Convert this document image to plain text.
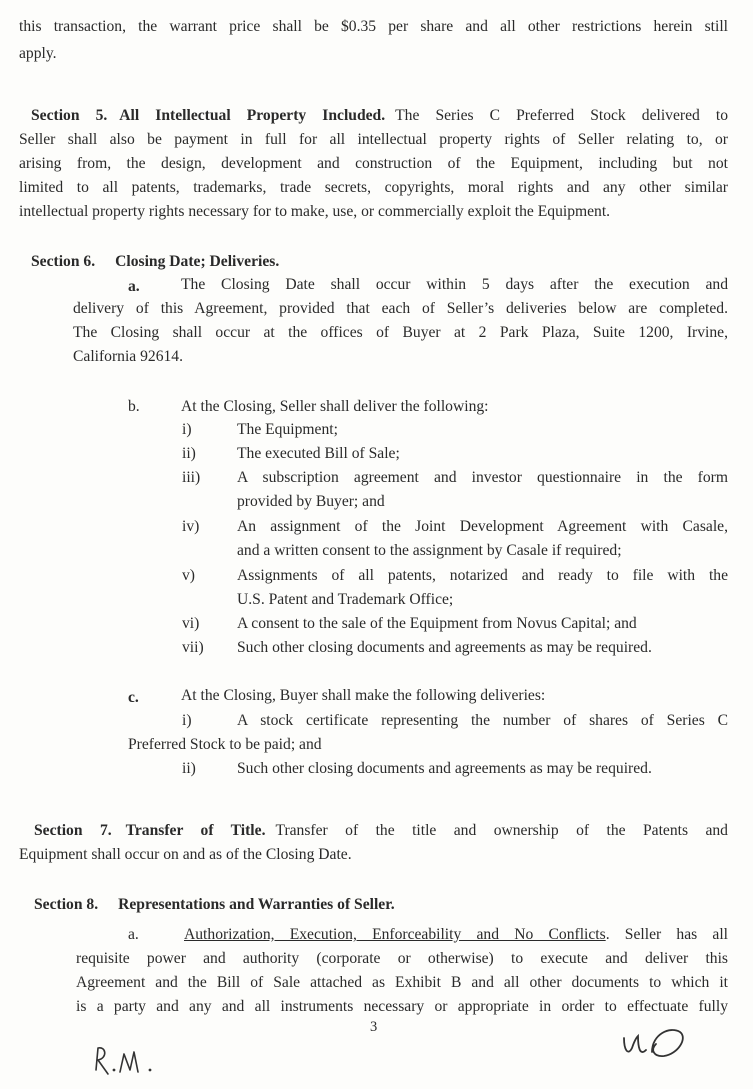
this transaction, the warrant price shall be $0.35 per share and all other restrictions herein still
apply.
Section 5. All Intellectual Property Included. The Series C Preferred Stock delivered to
Seller shall also be payment in full for all intellectual property rights of Seller relating to, or
arising from, the design, development and construction of the Equipment, including but not
limited to all patents, trademarks, trade secrets, copyrights, moral rights and any other similar
intellectual property rights necessary for to make, use, or commercially exploit the Equipment.
Section 6. Closing Date; Deliveries.
a.	The Closing Date shall occur within 5 days after the execution and
delivery of this Agreement, provided that each of Seller’s deliveries below are completed.
The Closing shall occur at the offices of Buyer at 2 Park Plaza, Suite 1200, Irvine,
California 92614.
b.	At the Closing, Seller shall deliver the following:
i)	The Equipment;
ii)	The executed Bill of Sale;
iii) A subscription agreement and investor questionnaire in the form
provided by Buyer; and
iv) An assignment of the Joint Development Agreement with Casale,
and a written consent to the assignment by Casale if required;
v)	Assignments of all patents, notarized and ready to file with the
U.S. Patent and Trademark Office;
vi) A consent to the sale of the Equipment from Novus Capital; and
vii) Such other closing documents and agreements as may be required.
c.	At the Closing, Buyer shall make the following deliveries:
i)	A stock certificate representing the number of shares of Series C
Preferred Stock to be paid; and
ii)	Such other closing documents and agreements as may be required.
Section 7. Transfer of Title. Transfer of the title and ownership of the Patents and
Equipment shall occur on and as of the Closing Date.
Section 8. Representations and Warranties of Seller.
a.	Authorization, Execution, Enforceability and No Conflicts. Seller has all
requisite power and authority (corporate or otherwise) to execute and deliver this
Agreement and the Bill of Sale attached as Exhibit B and all other documents to which it
is a party and any and all instruments necessary or appropriate in order to effectuate fully
3
